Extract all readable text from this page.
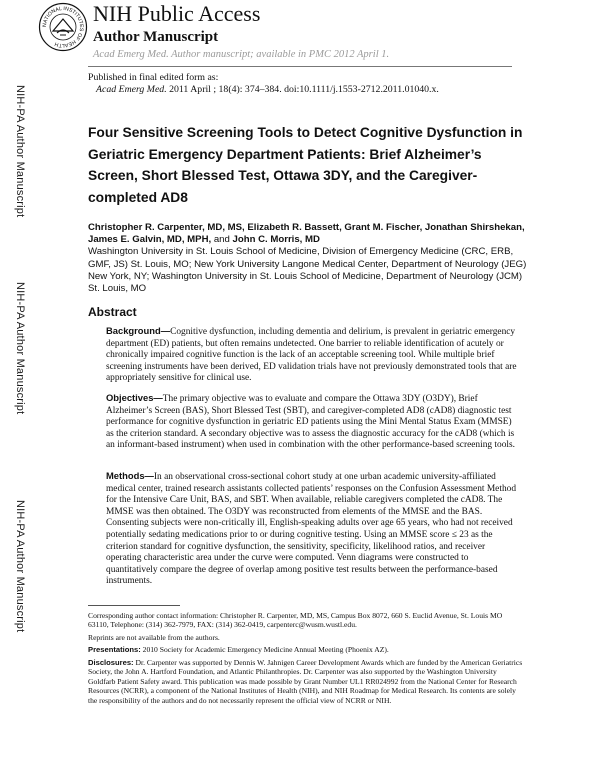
NATIONAL INSTITUTES OF HEALTH
NIH Public Access
Author Manuscript
Acad Emerg Med. Author manuscript; available in PMC 2012 April 1.
NIH-PA Author Manuscript
NIH-PA Author Manuscript
NIH-PA Author Manuscript
Published in final edited form as:
Acad Emerg Med. 2011 April ; 18(4): 374–384. doi:10.1111/j.1553-2712.2011.01040.x.
Four Sensitive Screening Tools to Detect Cognitive Dysfunction in Geriatric Emergency Department Patients: Brief Alzheimer’s Screen, Short Blessed Test, Ottawa 3DY, and the Caregiver-completed AD8
Christopher R. Carpenter, MD, MS, Elizabeth R. Bassett, Grant M. Fischer, Jonathan Shirshekan, James E. Galvin, MD, MPH, and John C. Morris, MD
Washington University in St. Louis School of Medicine, Division of Emergency Medicine (CRC, ERB, GMF, JS) St. Louis, MO; New York University Langone Medical Center, Department of Neurology (JEG) New York, NY; Washington University in St. Louis School of Medicine, Department of Neurology (JCM) St. Louis, MO
Abstract
Background—Cognitive dysfunction, including dementia and delirium, is prevalent in geriatric emergency department (ED) patients, but often remains undetected. One barrier to reliable identification of acutely or chronically impaired cognitive function is the lack of an acceptable screening tool. While multiple brief screening instruments have been derived, ED validation trials have not previously demonstrated tools that are appropriately sensitive for clinical use.
Objectives—The primary objective was to evaluate and compare the Ottawa 3DY (O3DY), Brief Alzheimer’s Screen (BAS), Short Blessed Test (SBT), and caregiver-completed AD8 (cAD8) diagnostic test performance for cognitive dysfunction in geriatric ED patients using the Mini Mental Status Exam (MMSE) as the criterion standard. A secondary objective was to assess the diagnostic accuracy for the cAD8 (which is an informant-based instrument) when used in combination with the other performance-based screening tools.
Methods—In an observational cross-sectional cohort study at one urban academic university-affiliated medical center, trained research assistants collected patients’ responses on the Confusion Assessment Method for the Intensive Care Unit, BAS, and SBT. When available, reliable caregivers completed the cAD8. The MMSE was then obtained. The O3DY was reconstructed from elements of the MMSE and the BAS. Consenting subjects were non-critically ill, English-speaking adults over age 65 years, who had not received potentially sedating medications prior to or during cognitive testing. Using an MMSE score ≤ 23 as the criterion standard for cognitive dysfunction, the sensitivity, specificity, likelihood ratios, and receiver operating characteristic area under the curve were computed. Venn diagrams were constructed to quantitatively compare the degree of overlap among positive test results between the performance-based instruments.
Corresponding author contact information: Christopher R. Carpenter, MD, MS, Campus Box 8072, 660 S. Euclid Avenue, St. Louis MO 63110, Telephone: (314) 362-7979, FAX: (314) 362-0419, carpenterc@wusm.wustl.edu.
Reprints are not available from the authors.
Presentations: 2010 Society for Academic Emergency Medicine Annual Meeting (Phoenix AZ).
Disclosures: Dr. Carpenter was supported by Dennis W. Jahnigen Career Development Awards which are funded by the American Geriatrics Society, the John A. Hartford Foundation, and Atlantic Philanthropies. Dr. Carpenter was also supported by the Washington University Goldfarb Patient Safety award. This publication was made possible by Grant Number UL1 RR024992 from the National Center for Research Resources (NCRR), a component of the National Institutes of Health (NIH), and NIH Roadmap for Medical Research. Its contents are solely the responsibility of the authors and do not necessarily represent the official view of NCRR or NIH.
